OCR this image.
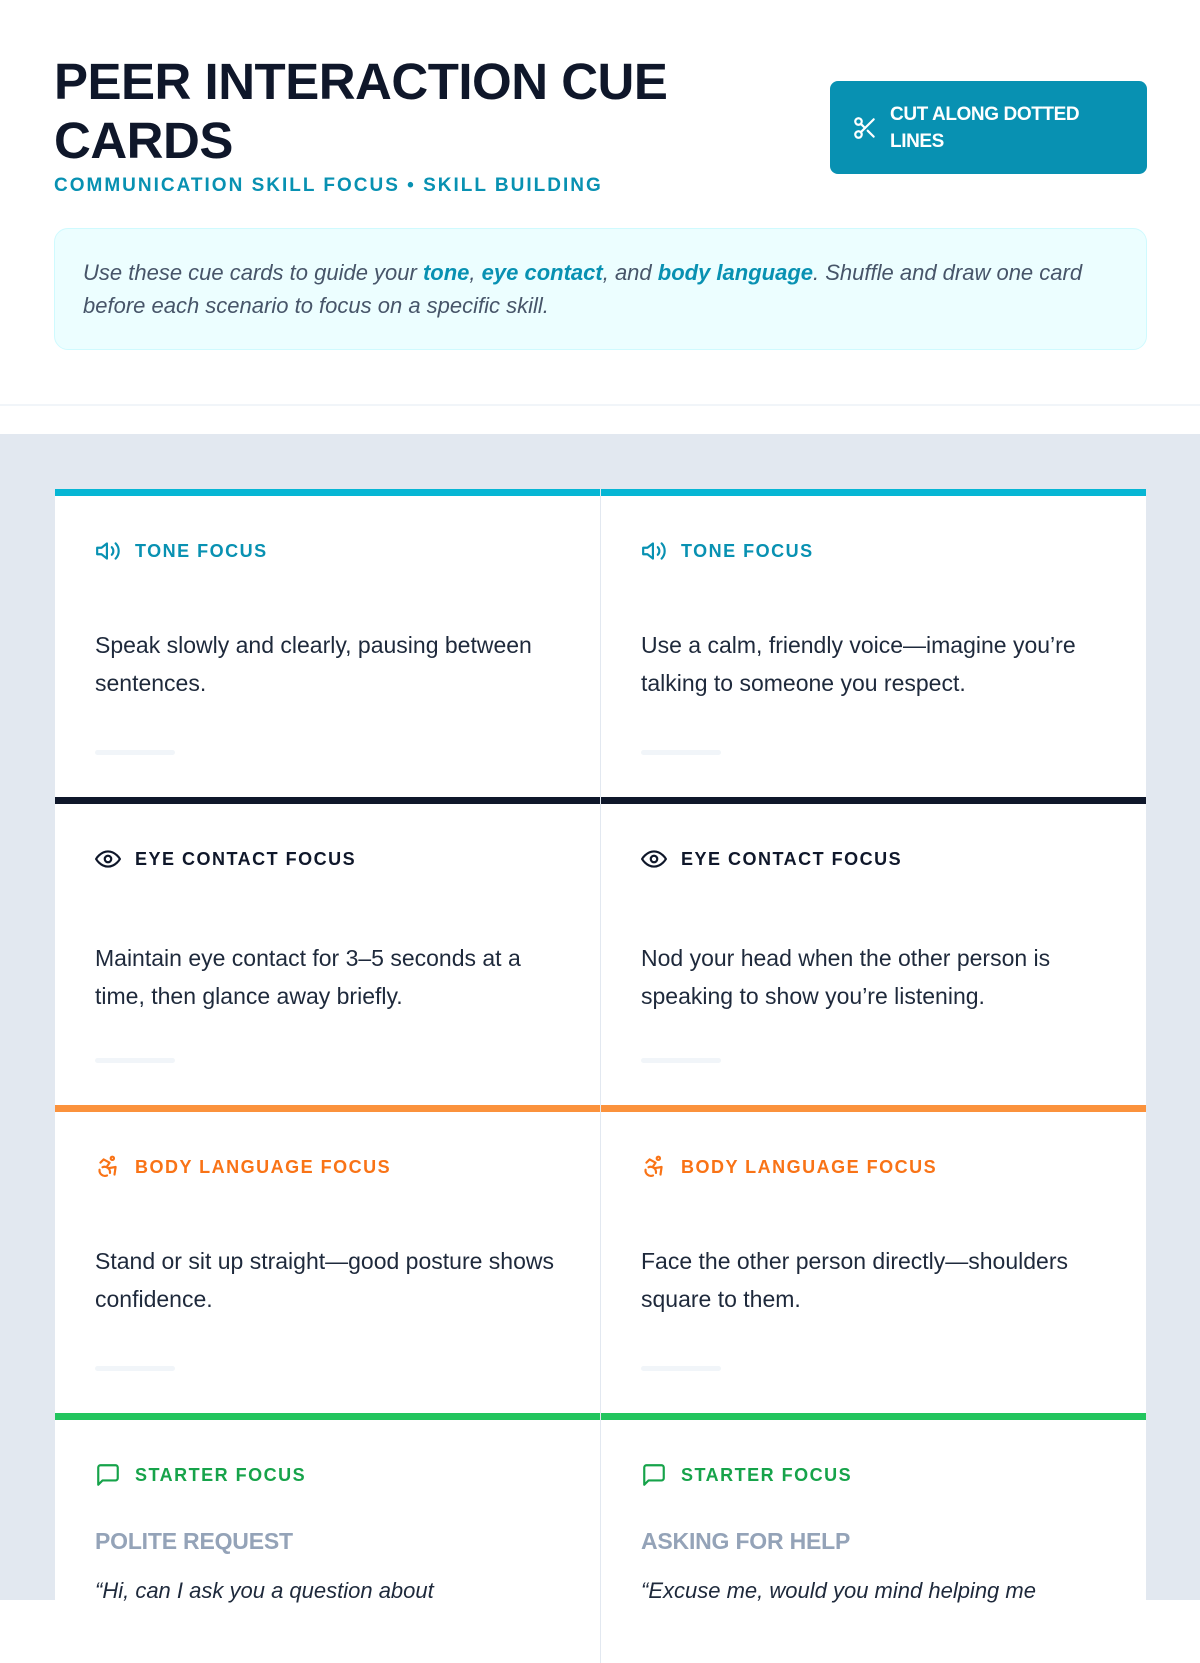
PEER INTERACTION CUE CARDS
COMMUNICATION SKILL FOCUS • SKILL BUILDING
CUT ALONG DOTTED LINES
Use these cue cards to guide your tone, eye contact, and body language. Shuffle and draw one card before each scenario to focus on a specific skill.
TONE FOCUS

Speak slowly and clearly, pausing between sentences.

TONE FOCUS

Use a calm, friendly voice—imagine you’re talking to someone you respect.

EYE CONTACT FOCUS

Maintain eye contact for 3–5 seconds at a time, then glance away briefly.

EYE CONTACT FOCUS

Nod your head when the other person is speaking to show you’re listening.

BODY LANGUAGE FOCUS

Stand or sit up straight—good posture shows confidence.

BODY LANGUAGE FOCUS

Face the other person directly—shoulders square to them.

STARTER FOCUS
POLITE REQUEST
“Hi, can I ask you a question about
STARTER FOCUS
ASKING FOR HELP
“Excuse me, would you mind helping me
